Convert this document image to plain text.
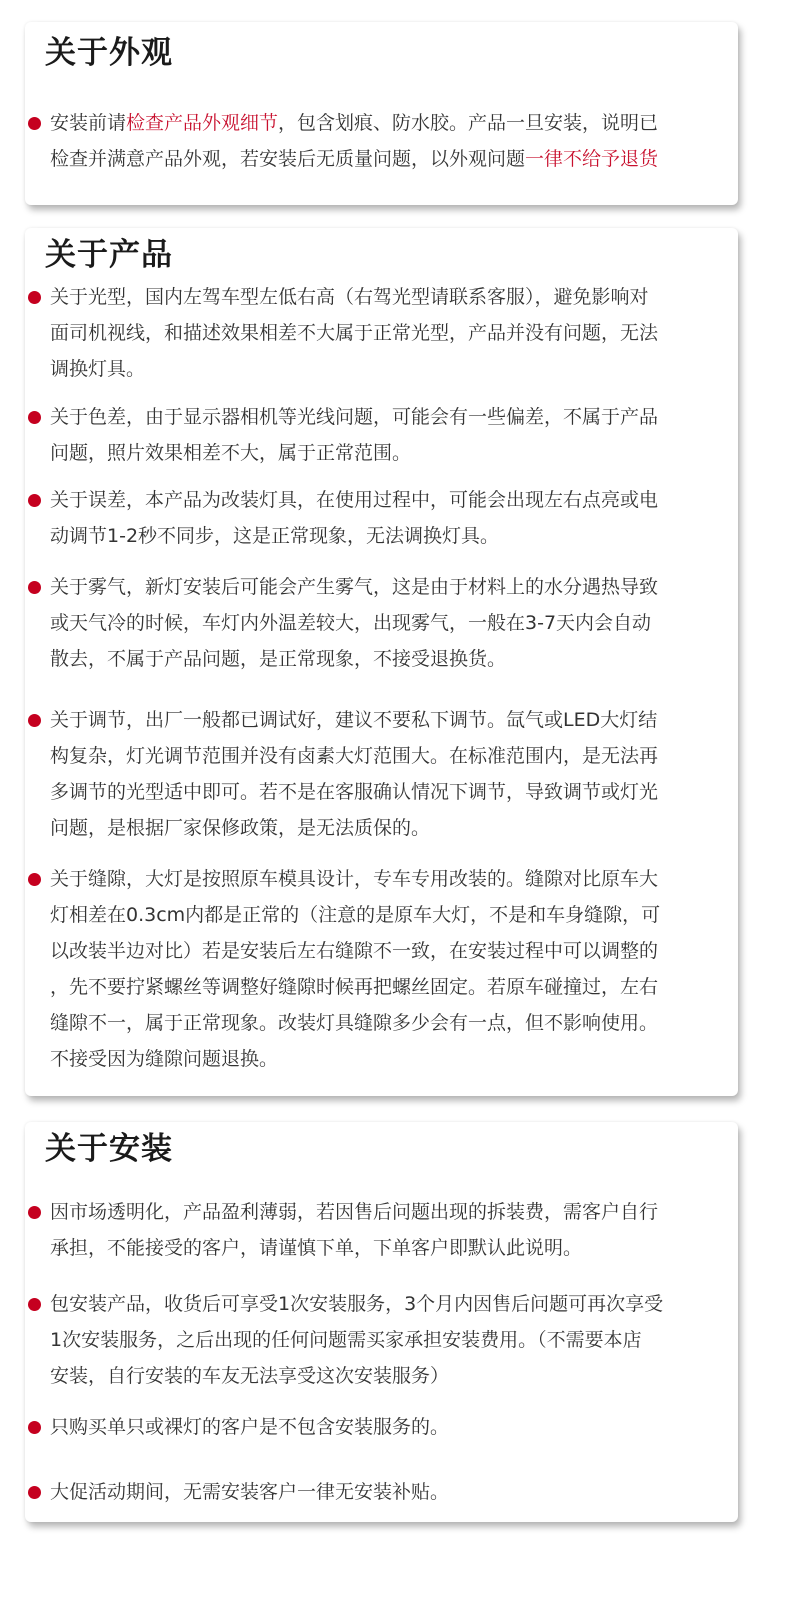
关于外观
安装前请检查产品外观细节，包含划痕、防水胶。产品一旦安装，说明已
检查并满意产品外观，若安装后无质量问题，以外观问题一律不给予退货
关于产品
关于光型，国内左驾车型左低右高（右驾光型请联系客服），避免影响对
面司机视线，和描述效果相差不大属于正常光型，产品并没有问题，无法
调换灯具。
关于色差，由于显示器相机等光线问题，可能会有一些偏差，不属于产品
问题，照片效果相差不大，属于正常范围。
关于误差，本产品为改装灯具，在使用过程中，可能会出现左右点亮或电
动调节1-2秒不同步，这是正常现象，无法调换灯具。
关于雾气，新灯安装后可能会产生雾气，这是由于材料上的水分遇热导致
或天气冷的时候，车灯内外温差较大，出现雾气，一般在3-7天内会自动
散去，不属于产品问题，是正常现象，不接受退换货。
关于调节，出厂一般都已调试好，建议不要私下调节。氙气或LED大灯结
构复杂，灯光调节范围并没有卤素大灯范围大。在标准范围内，是无法再
多调节的光型适中即可。若不是在客服确认情况下调节，导致调节或灯光
问题，是根据厂家保修政策，是无法质保的。
关于缝隙，大灯是按照原车模具设计，专车专用改装的。缝隙对比原车大
灯相差在0.3cm内都是正常的（注意的是原车大灯，不是和车身缝隙，可
以改装半边对比）若是安装后左右缝隙不一致，在安装过程中可以调整的
，先不要拧紧螺丝等调整好缝隙时候再把螺丝固定。若原车碰撞过，左右
缝隙不一，属于正常现象。改装灯具缝隙多少会有一点，但不影响使用。
不接受因为缝隙问题退换。
关于安装
因市场透明化，产品盈利薄弱，若因售后问题出现的拆装费，需客户自行
承担，不能接受的客户，请谨慎下单，下单客户即默认此说明。
包安装产品，收货后可享受1次安装服务，3个月内因售后问题可再次享受
1次安装服务，之后出现的任何问题需买家承担安装费用。（不需要本店
安装，自行安装的车友无法享受这次安装服务）
只购买单只或裸灯的客户是不包含安装服务的。
大促活动期间，无需安装客户一律无安装补贴。
